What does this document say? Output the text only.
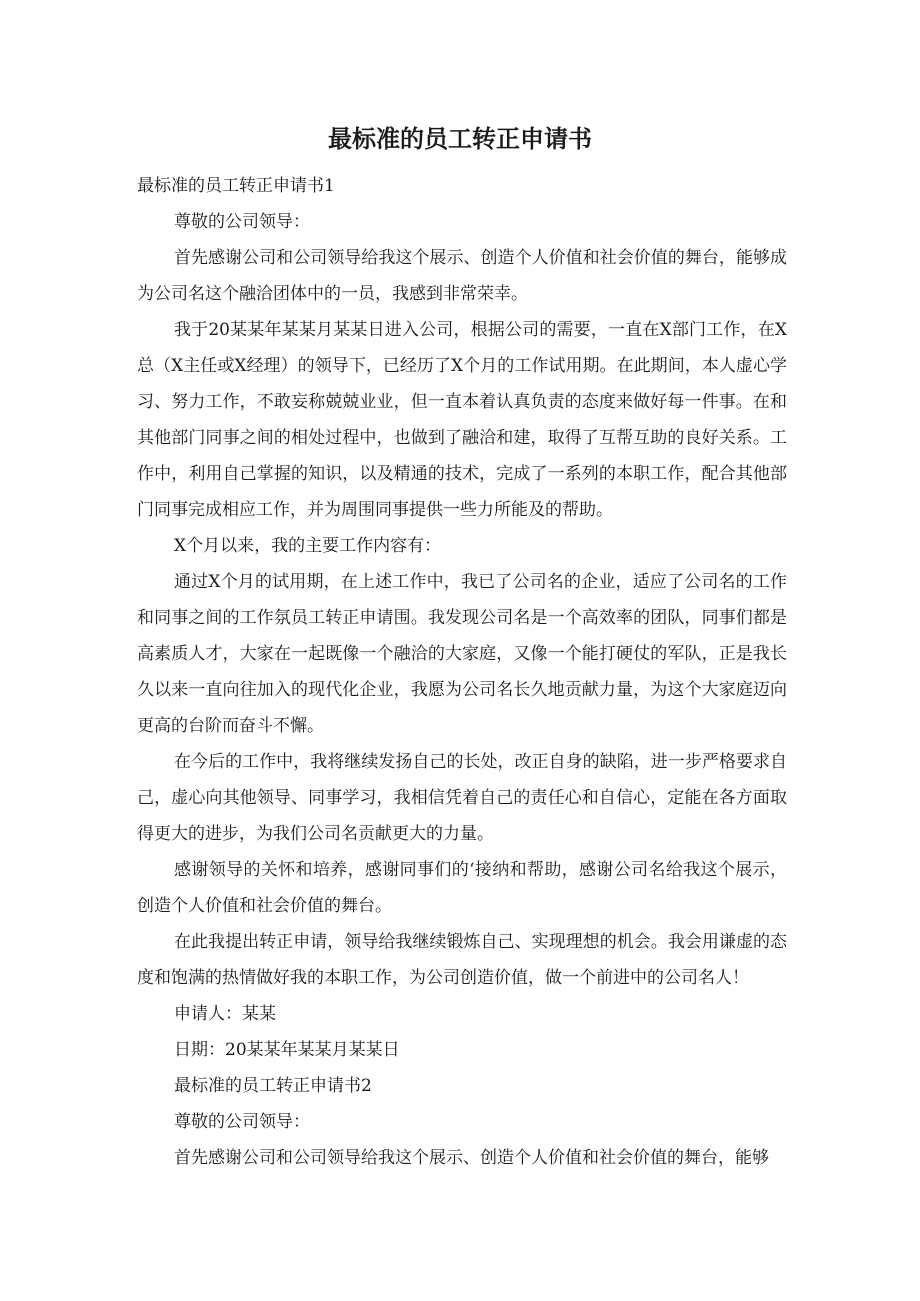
最标准的员工转正申请书

最标准的员工转正申请书1

尊敬的公司领导：

首先感谢公司和公司领导给我这个展示、创造个人价值和社会价值的舞台，能够成为公司名这个融洽团体中的一员，我感到非常荣幸。

我于20某某年某某月某某日进入公司，根据公司的需要，一直在X部门工作，在X总（X主任或X经理）的领导下，已经历了X个月的工作试用期。在此期间，本人虚心学习、努力工作，不敢妄称兢兢业业，但一直本着认真负责的态度来做好每一件事。在和其他部门同事之间的相处过程中，也做到了融洽和建，取得了互帮互助的良好关系。工作中，利用自己掌握的知识，以及精通的技术，完成了一系列的本职工作，配合其他部门同事完成相应工作，并为周围同事提供一些力所能及的帮助。

X个月以来，我的主要工作内容有：

通过X个月的试用期，在上述工作中，我已了公司名的企业，适应了公司名的工作和同事之间的工作氛员工转正申请围。我发现公司名是一个高效率的团队，同事们都是高素质人才，大家在一起既像一个融洽的大家庭，又像一个能打硬仗的军队，正是我长久以来一直向往加入的现代化企业，我愿为公司名长久地贡献力量，为这个大家庭迈向更高的台阶而奋斗不懈。

在今后的工作中，我将继续发扬自己的长处，改正自身的缺陷，进一步严格要求自己，虚心向其他领导、同事学习，我相信凭着自己的责任心和自信心，定能在各方面取得更大的进步，为我们公司名贡献更大的力量。

感谢领导的关怀和培养，感谢同事们的‘接纳和帮助，感谢公司名给我这个展示，创造个人价值和社会价值的舞台。

在此我提出转正申请，领导给我继续锻炼自己、实现理想的机会。我会用谦虚的态度和饱满的热情做好我的本职工作，为公司创造价值，做一个前进中的公司名人！

申请人：某某

日期：20某某年某某月某某日

最标准的员工转正申请书2

尊敬的公司领导：

首先感谢公司和公司领导给我这个展示、创造个人价值和社会价值的舞台，能够
